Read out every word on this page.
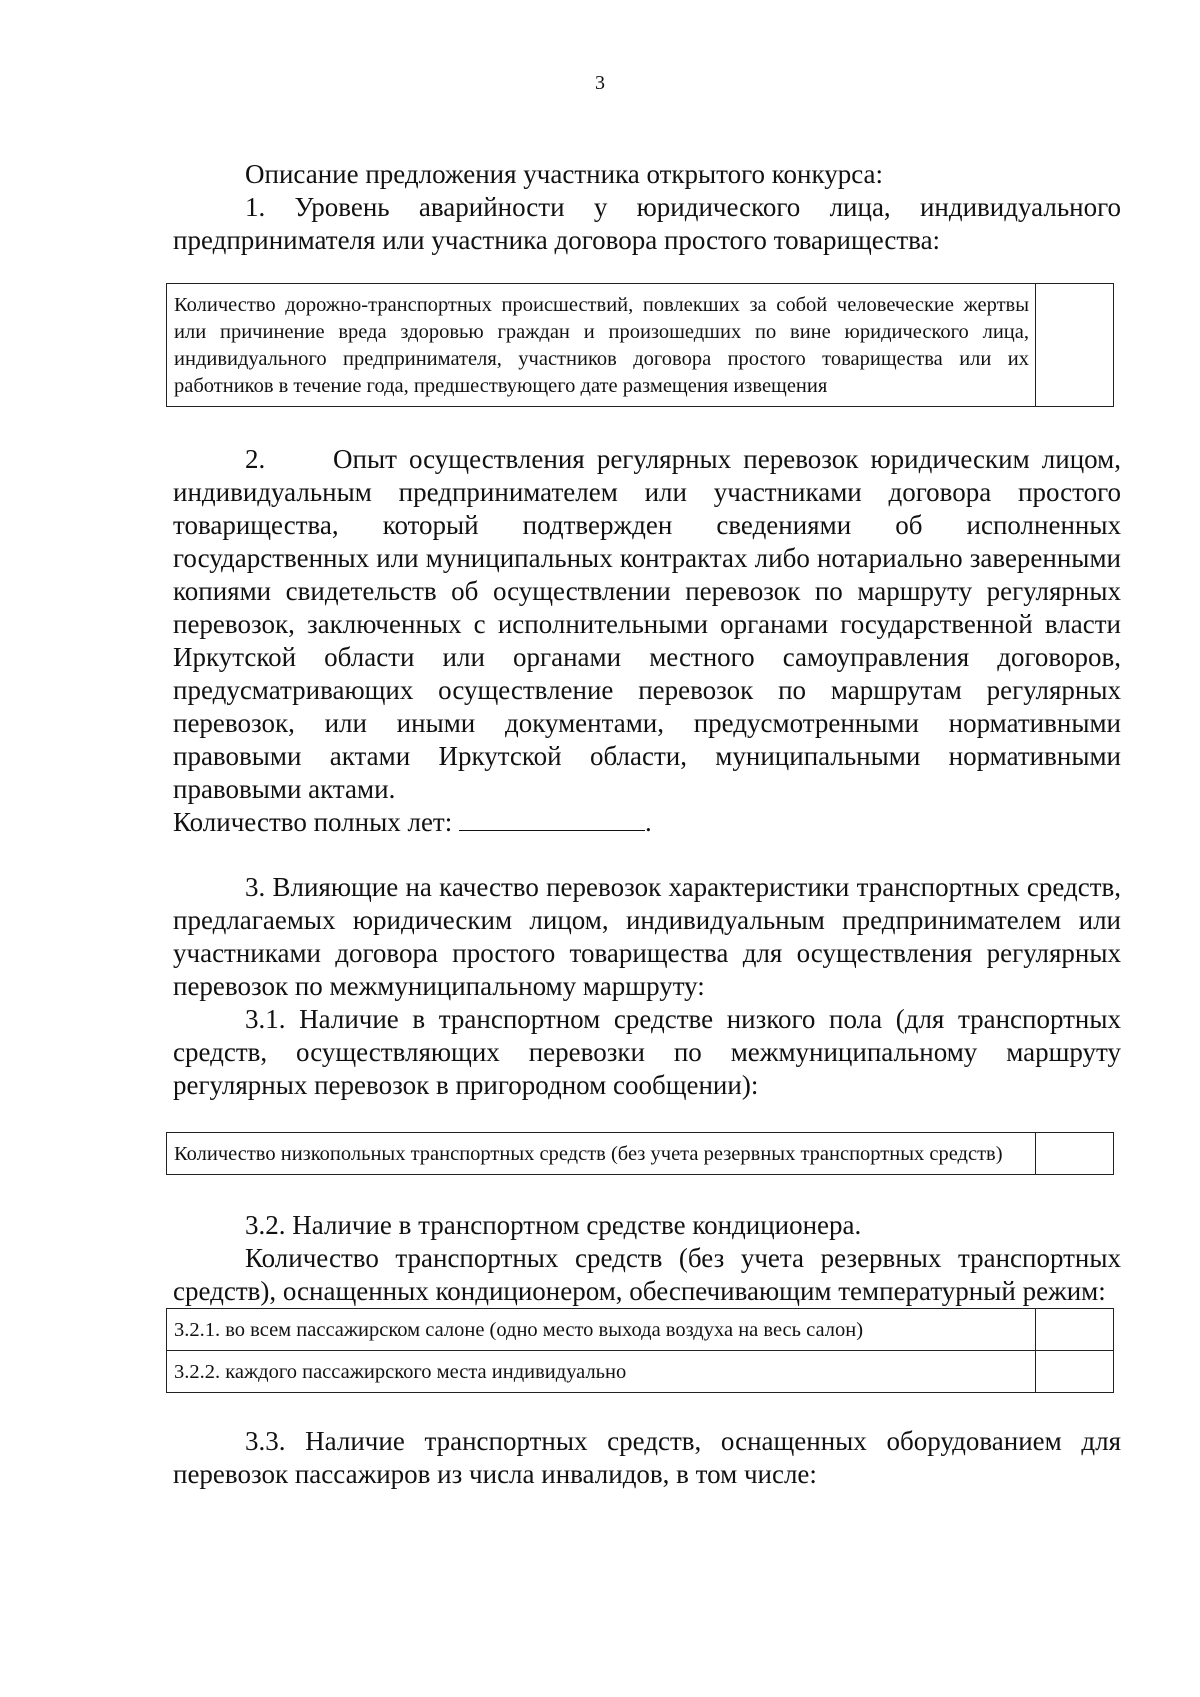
3

Описание предложения участника открытого конкурса:

1. Уровень аварийности у юридического лица, индивидуального предпринимателя или участника договора простого товарищества:

Количество дорожно-транспортных происшествий, повлекших за собой человеческие жертвы или причинение вреда здоровью граждан и произошедших по вине юридического лица, индивидуального предпринимателя, участников договора простого товарищества или их работников в течение года, предшествующего дате размещения извещения	

2.	Опыт осуществления регулярных перевозок юридическим лицом, индивидуальным предпринимателем или участниками договора простого товарищества, который подтвержден сведениями об исполненных государственных или муниципальных контрактах либо нотариально заверенными копиями свидетельств об осуществлении перевозок по маршруту регулярных перевозок, заключенных с исполнительными органами государственной власти Иркутской области или органами местного самоуправления договоров, предусматривающих осуществление перевозок по маршрутам регулярных перевозок, или иными документами, предусмотренными нормативными правовыми актами Иркутской области, муниципальными нормативными правовыми актами.

Количество полных лет:	.

3. Влияющие на качество перевозок характеристики транспортных средств, предлагаемых юридическим лицом, индивидуальным предпринимателем или участниками договора простого товарищества для осуществления регулярных перевозок по межмуниципальному маршруту:

3.1. Наличие в транспортном средстве низкого пола (для транспортных средств, осуществляющих перевозки по межмуниципальному маршруту регулярных перевозок в пригородном сообщении):

Количество низкопольных транспортных средств (без учета резервных транспортных средств)	

3.2. Наличие в транспортном средстве кондиционера.

Количество транспортных средств (без учета резервных транспортных средств), оснащенных кондиционером, обеспечивающим температурный режим:

3.2.1. во всем пассажирском салоне (одно место выхода воздуха на весь салон)	
3.2.2. каждого пассажирского места индивидуально	

3.3. Наличие транспортных средств, оснащенных оборудованием для перевозок пассажиров из числа инвалидов, в том числе:
